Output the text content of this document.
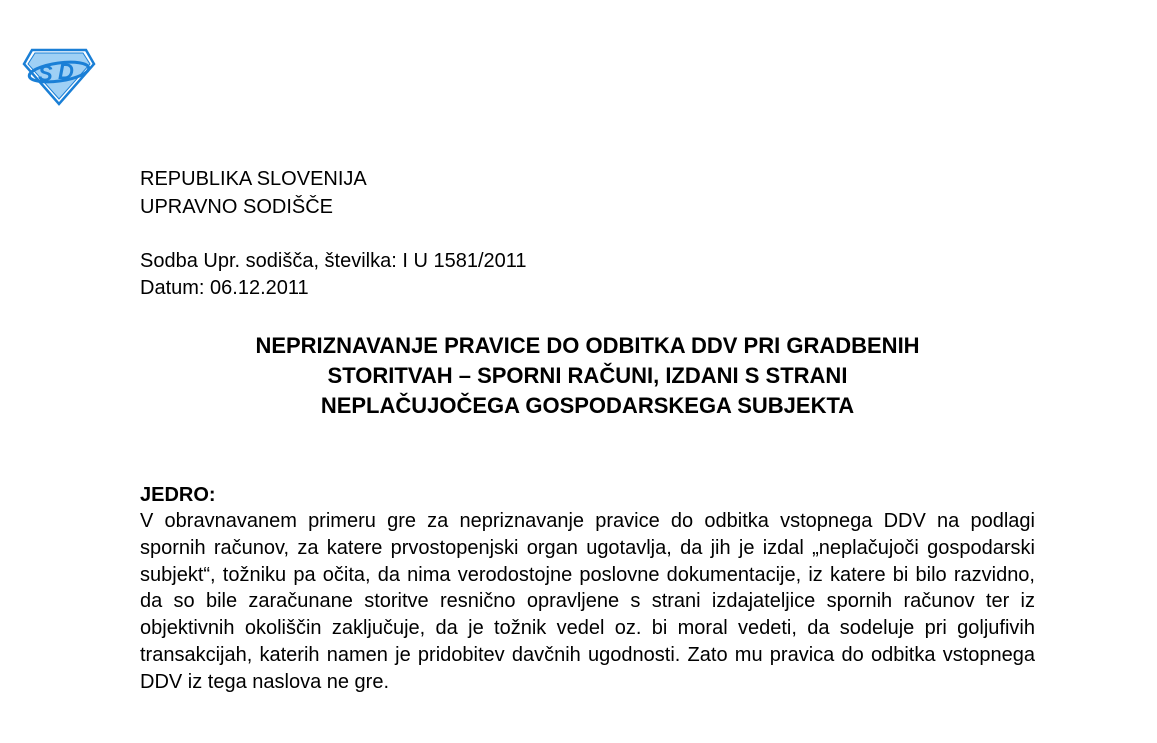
S D
REPUBLIKA SLOVENIJA
UPRAVNO SODIŠČE
Sodba Upr. sodišča, številka: I U 1581/2011
Datum: 06.12.2011
NEPRIZNAVANJE PRAVICE DO ODBITKA DDV PRI GRADBENIH
STORITVAH – SPORNI RAČUNI, IZDANI S STRANI
NEPLAČUJOČEGA GOSPODARSKEGA SUBJEKTA
JEDRO:
V obravnavanem primeru gre za nepriznavanje pravice do odbitka vstopnega DDV na podlagi spornih računov, za katere prvostopenjski organ ugotavlja, da jih je izdal „neplačujoči gospodarski subjekt“, tožniku pa očita, da nima verodostojne poslovne dokumentacije, iz katere bi bilo razvidno, da so bile zaračunane storitve resnično opravljene s strani izdajateljice spornih računov ter iz objektivnih okoliščin zaključuje, da je tožnik vedel oz. bi moral vedeti, da sodeluje pri goljufivih transakcijah, katerih namen je pridobitev davčnih ugodnosti. Zato mu pravica do odbitka vstopnega DDV iz tega naslova ne gre.
